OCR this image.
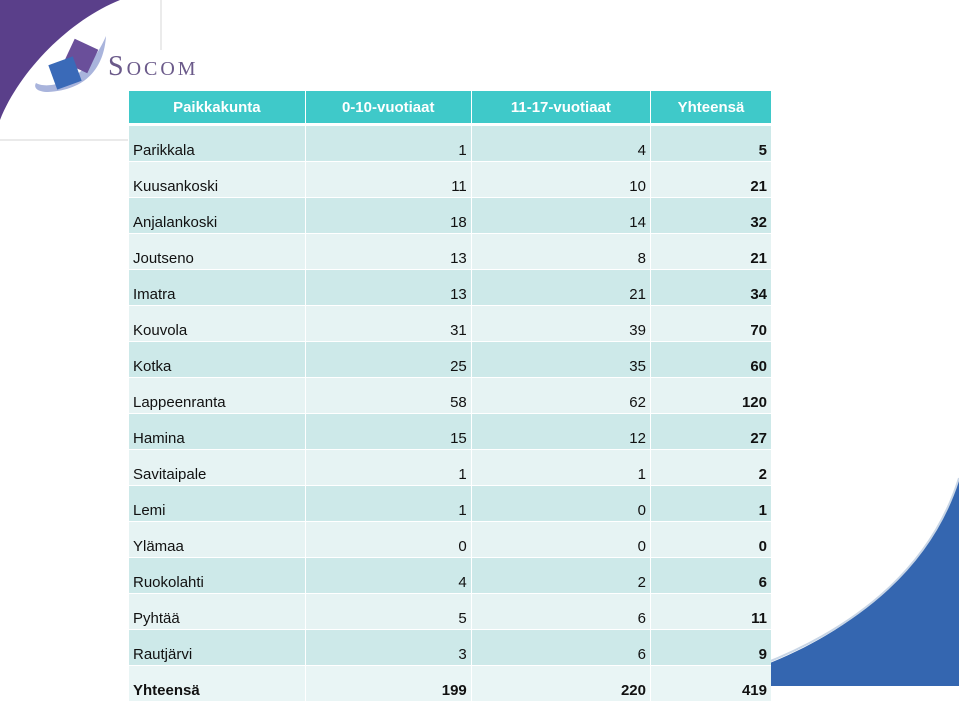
Socom
Paikkakunta	0-10-vuotiaat	11-17-vuotiaat	Yhteensä
Parikkala	1	4	5
Kuusankoski	11	10	21
Anjalankoski	18	14	32
Joutseno	13	8	21
Imatra	13	21	34
Kouvola	31	39	70
Kotka	25	35	60
Lappeenranta	58	62	120
Hamina	15	12	27
Savitaipale	1	1	2
Lemi	1	0	1
Ylämaa	0	0	0
Ruokolahti	4	2	6
Pyhtää	5	6	11
Rautjärvi	3	6	9
Yhteensä	199	220	419
